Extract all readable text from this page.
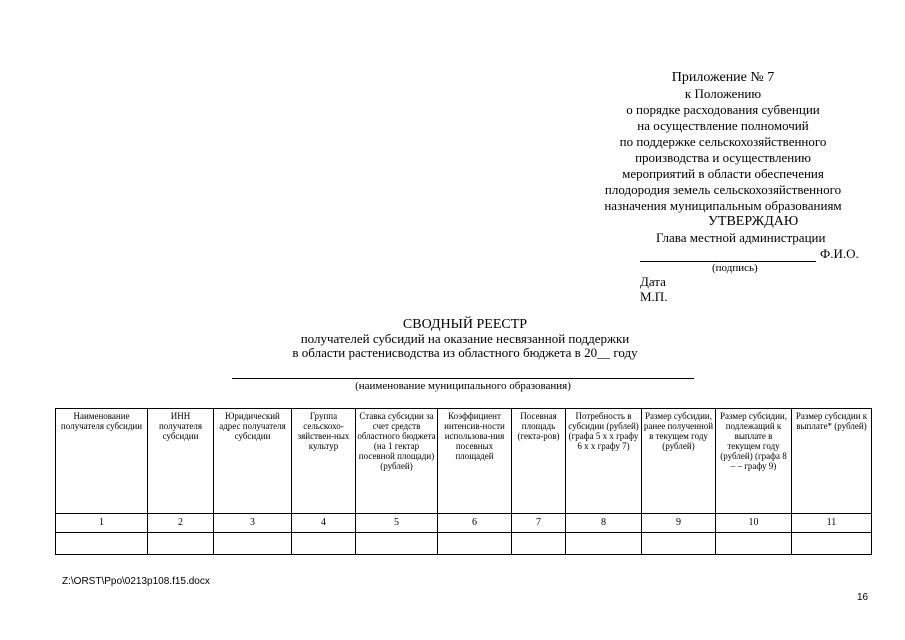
Приложение № 7
к Положению
о порядке расходования субвенции
на осуществление полномочий
по поддержке сельскохозяйственного
производства и осуществлению
мероприятий в области обеспечения
плодородия земель сельскохозяйственного
назначения муниципальным образованиям
УТВЕРЖДАЮ
Глава местной администрации
Ф.И.О.
(подпись)
Дата
М.П.
СВОДНЫЙ РЕЕСТР
получателей субсидий на оказание несвязанной поддержки
в области растенисводства из областного бюджета в 20__ году
(наименование муниципального образования)
Наименование получателя субсидии	ИНН получателя субсидии	Юридический адрес получателя субсидии	Группа сельскохо-зяйствен-ных культур	Ставка субсидии за счет средств областного бюджета (на 1 гектар посевной площади) (рублей)	Коэффициент интенсив-ности использова-ния посевных площадей	Посевная площадь (гекта-ров)	Потребность в субсидии (рублей) (графа 5 х х графу 6 х х графу 7)	Размер субсидии, ранее полученной в текущем году (рублей)	Размер субсидии, подлежащий к выплате в текущем году (рублей) (графа 8 – – графу 9)	Размер субсидии к выплате* (рублей)
1	2	3	4	5	6	7	8	9	10	11

Z:\ORST\Ppo\0213p108.f15.docx
16
